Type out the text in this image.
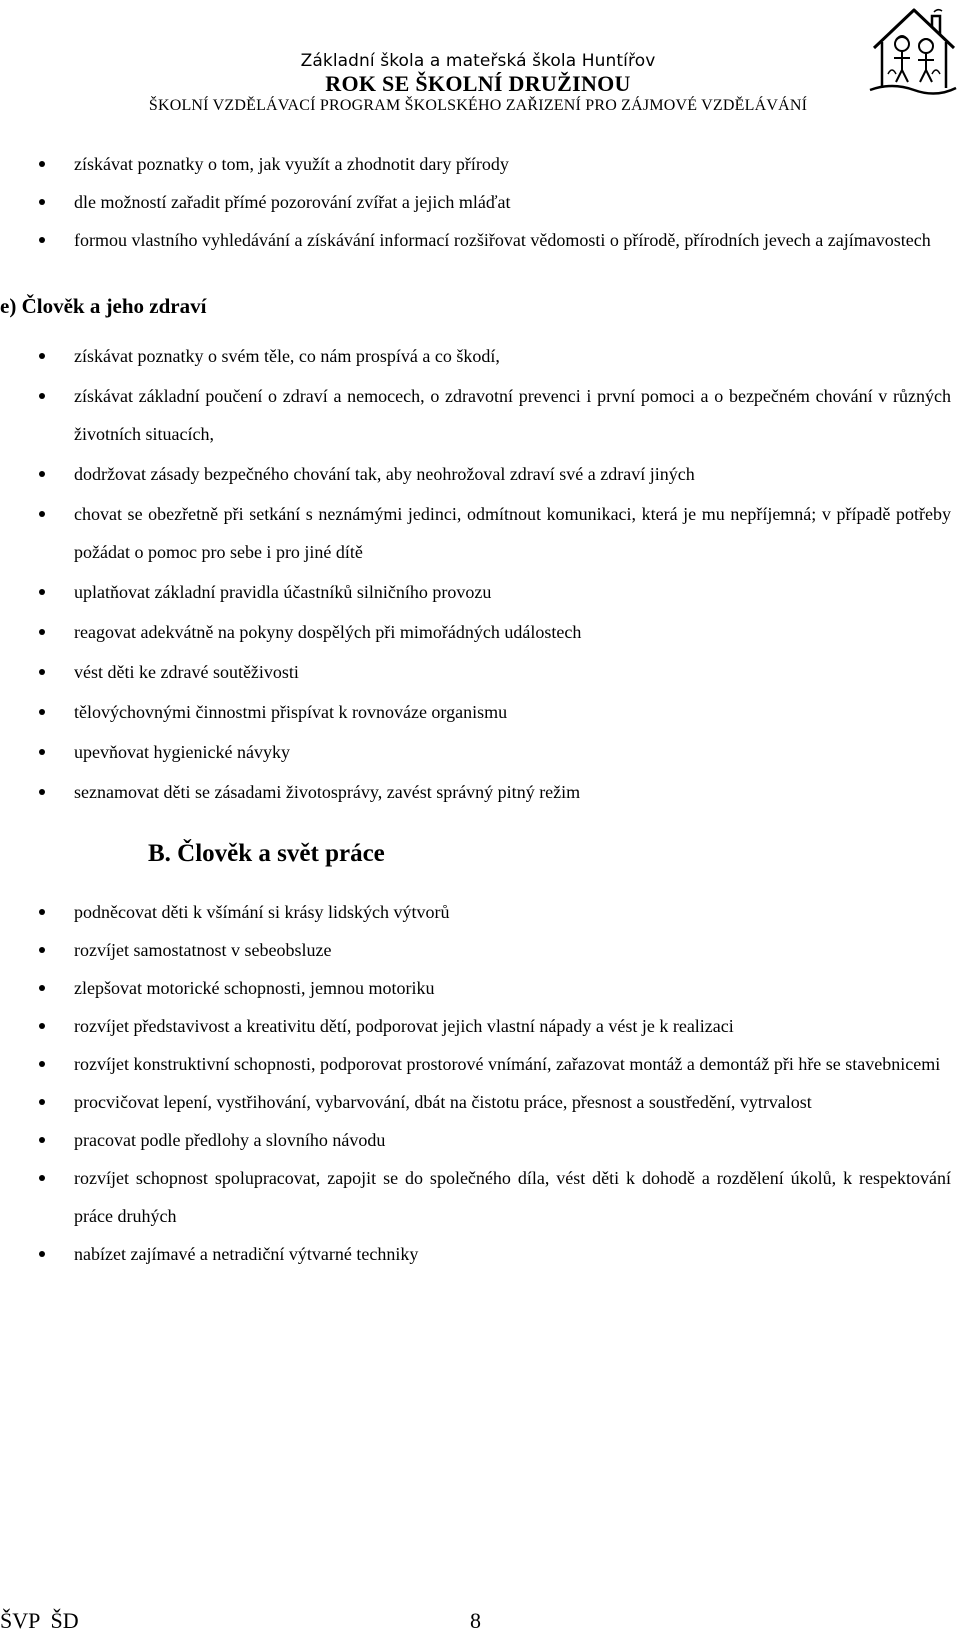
Základní škola a mateřská škola Huntířov
ROK SE ŠKOLNÍ DRUŽINOU
ŠKOLNÍ VZDĚLÁVACÍ PROGRAM ŠKOLSKÉHO ZAŘIZENÍ PRO ZÁJMOVÉ VZDĚLÁVÁNÍ
získávat poznatky o tom, jak využít a zhodnotit dary přírody
dle možností zařadit přímé pozorování zvířat a jejich mláďat
formou vlastního vyhledávání a získávání informací rozšiřovat vědomosti o přírodě, přírodních jevech a zajímavostech
e) Člověk a jeho zdraví
získávat poznatky o svém těle, co nám prospívá a co škodí,
získávat základní poučení o zdraví a nemocech, o zdravotní prevenci i první pomoci a o bezpečném chování v různých životních situacích,
dodržovat zásady bezpečného chování tak, aby neohrožoval zdraví své a zdraví jiných
chovat se obezřetně při setkání s neznámými jedinci, odmítnout komunikaci, která je mu nepříjemná; v případě potřeby požádat o pomoc pro sebe i pro jiné dítě
uplatňovat základní pravidla účastníků silničního provozu
reagovat adekvátně na pokyny dospělých při mimořádných událostech
vést děti ke zdravé soutěživosti
tělovýchovnými činnostmi přispívat k rovnováze organismu
upevňovat hygienické návyky
seznamovat děti se zásadami životosprávy, zavést správný pitný režim
B. Člověk a svět práce
podněcovat děti k všímání si krásy lidských výtvorů
rozvíjet samostatnost v sebeobsluze
zlepšovat motorické schopnosti, jemnou motoriku
rozvíjet představivost a kreativitu dětí, podporovat jejich vlastní nápady a vést je k realizaci
rozvíjet konstruktivní schopnosti, podporovat prostorové vnímání, zařazovat montáž a demontáž při hře se stavebnicemi
procvičovat lepení, vystřihování, vybarvování, dbát na čistotu práce, přesnost a soustředění, vytrvalost
pracovat podle předlohy a slovního návodu
rozvíjet schopnost spolupracovat, zapojit se do společného díla, vést děti k dohodě a rozdělení úkolů, k respektování práce druhých
nabízet zajímavé a netradiční výtvarné techniky
ŠVP  ŠD	8
